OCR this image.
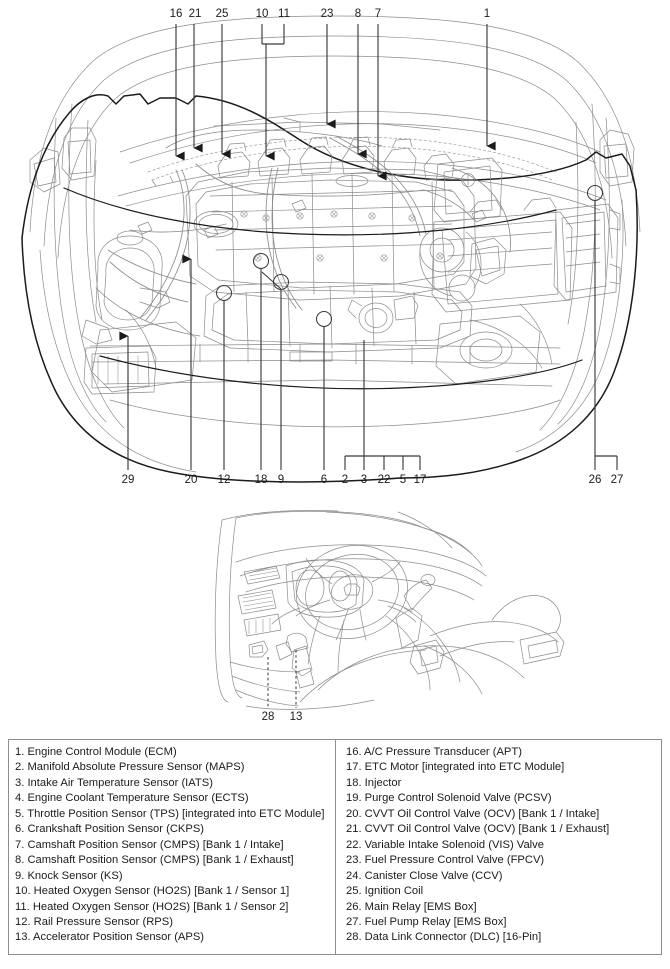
16 21 25 10 11	23 8 7	1
29	20 12 18 9	6 2 3 22 5 17	26 27
28 13
1. Engine Control Module (ECM)
2. Manifold Absolute Pressure Sensor (MAPS)
3. Intake Air Temperature Sensor (IATS)
4. Engine Coolant Temperature Sensor (ECTS)
5. Throttle Position Sensor (TPS) [integrated into ETC Module]
6. Crankshaft Position Sensor (CKPS)
7. Camshaft Position Sensor (CMPS) [Bank 1 / Intake]
8. Camshaft Position Sensor (CMPS) [Bank 1 / Exhaust]
9. Knock Sensor (KS)
10. Heated Oxygen Sensor (HO2S) [Bank 1 / Sensor 1]
11. Heated Oxygen Sensor (HO2S) [Bank 1 / Sensor 2]
12. Rail Pressure Sensor (RPS)
13. Accelerator Position Sensor (APS)
16. A/C Pressure Transducer (APT)
17. ETC Motor [integrated into ETC Module]
18. Injector
19. Purge Control Solenoid Valve (PCSV)
20. CVVT Oil Control Valve (OCV) [Bank 1 / Intake]
21. CVVT Oil Control Valve (OCV) [Bank 1 / Exhaust]
22. Variable Intake Solenoid (VIS) Valve
23. Fuel Pressure Control Valve (FPCV)
24. Canister Close Valve (CCV)
25. Ignition Coil
26. Main Relay [EMS Box]
27. Fuel Pump Relay [EMS Box]
28. Data Link Connector (DLC) [16-Pin]
